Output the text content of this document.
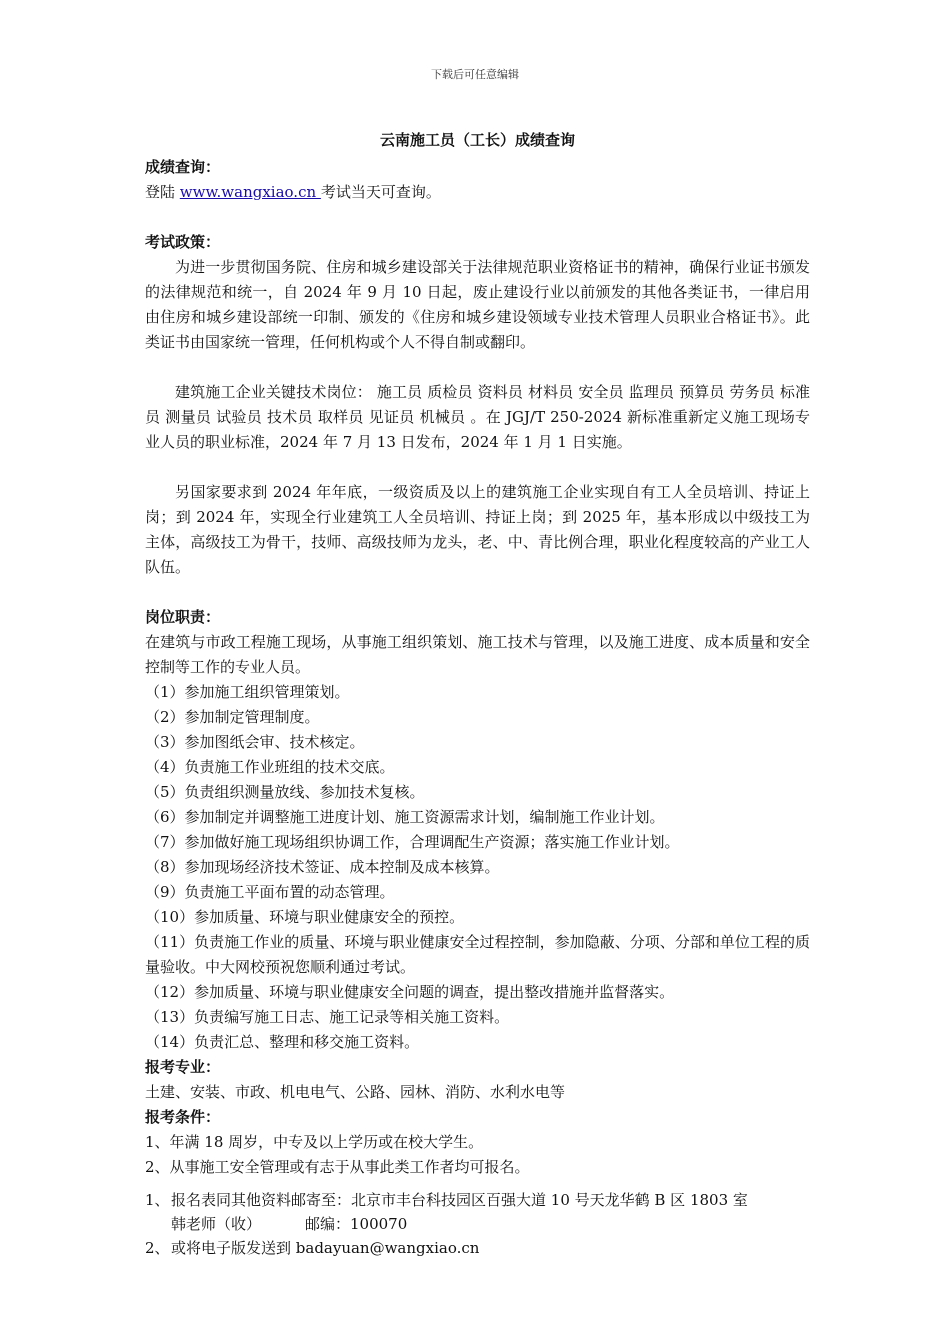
下载后可任意编辑

云南施工员（工长）成绩查询

成绩查询：

登陆 www.wangxiao.cn 考试当天可查询。

考试政策：

为进一步贯彻国务院、住房和城乡建设部关于法律规范职业资格证书的精神，确保行业证书颁发的法律规范和统一，自 2024 年 9 月 10 日起，废止建设行业以前颁发的其他各类证书，一律启用由住房和城乡建设部统一印制、颁发的《住房和城乡建设领域专业技术管理人员职业合格证书》。此类证书由国家统一管理，任何机构或个人不得自制或翻印。

建筑施工企业关键技术岗位： 施工员 质检员 资料员 材料员 安全员 监理员 预算员 劳务员 标准员 测量员 试验员 技术员 取样员 见证员 机械员 。在 JGJ/T 250-2024 新标准重新定义施工现场专业人员的职业标准，2024 年 7 月 13 日发布，2024 年 1 月 1 日实施。

另国家要求到 2024 年年底，一级资质及以上的建筑施工企业实现自有工人全员培训、持证上岗；到 2024 年，实现全行业建筑工人全员培训、持证上岗；到 2025 年，基本形成以中级技工为主体，高级技工为骨干，技师、高级技师为龙头，老、中、青比例合理，职业化程度较高的产业工人队伍。

岗位职责：

在建筑与市政工程施工现场，从事施工组织策划、施工技术与管理，以及施工进度、成本质量和安全控制等工作的专业人员。

（1）参加施工组织管理策划。

（2）参加制定管理制度。

（3）参加图纸会审、技术核定。

（4）负责施工作业班组的技术交底。

（5）负责组织测量放线、参加技术复核。

（6）参加制定并调整施工进度计划、施工资源需求计划，编制施工作业计划。

（7）参加做好施工现场组织协调工作，合理调配生产资源；落实施工作业计划。

（8）参加现场经济技术签证、成本控制及成本核算。

（9）负责施工平面布置的动态管理。

（10）参加质量、环境与职业健康安全的预控。

（11）负责施工作业的质量、环境与职业健康安全过程控制，参加隐蔽、分项、分部和单位工程的质量验收。中大网校预祝您顺利通过考试。

（12）参加质量、环境与职业健康安全问题的调查，提出整改措施并监督落实。

（13）负责编写施工日志、施工记录等相关施工资料。

（14）负责汇总、整理和移交施工资料。

报考专业：

土建、安装、市政、机电电气、公路、园林、消防、水利水电等

报考条件：

1、年满 18 周岁，中专及以上学历或在校大学生。

2、从事施工安全管理或有志于从事此类工作者均可报名。

1、 报名表同其他资料邮寄至：北京市丰台科技园区百强大道 10 号天龙华鹤 B 区 1803 室

韩老师（收）	邮编：100070

2、 或将电子版发送到 badayuan@wangxiao.cn
